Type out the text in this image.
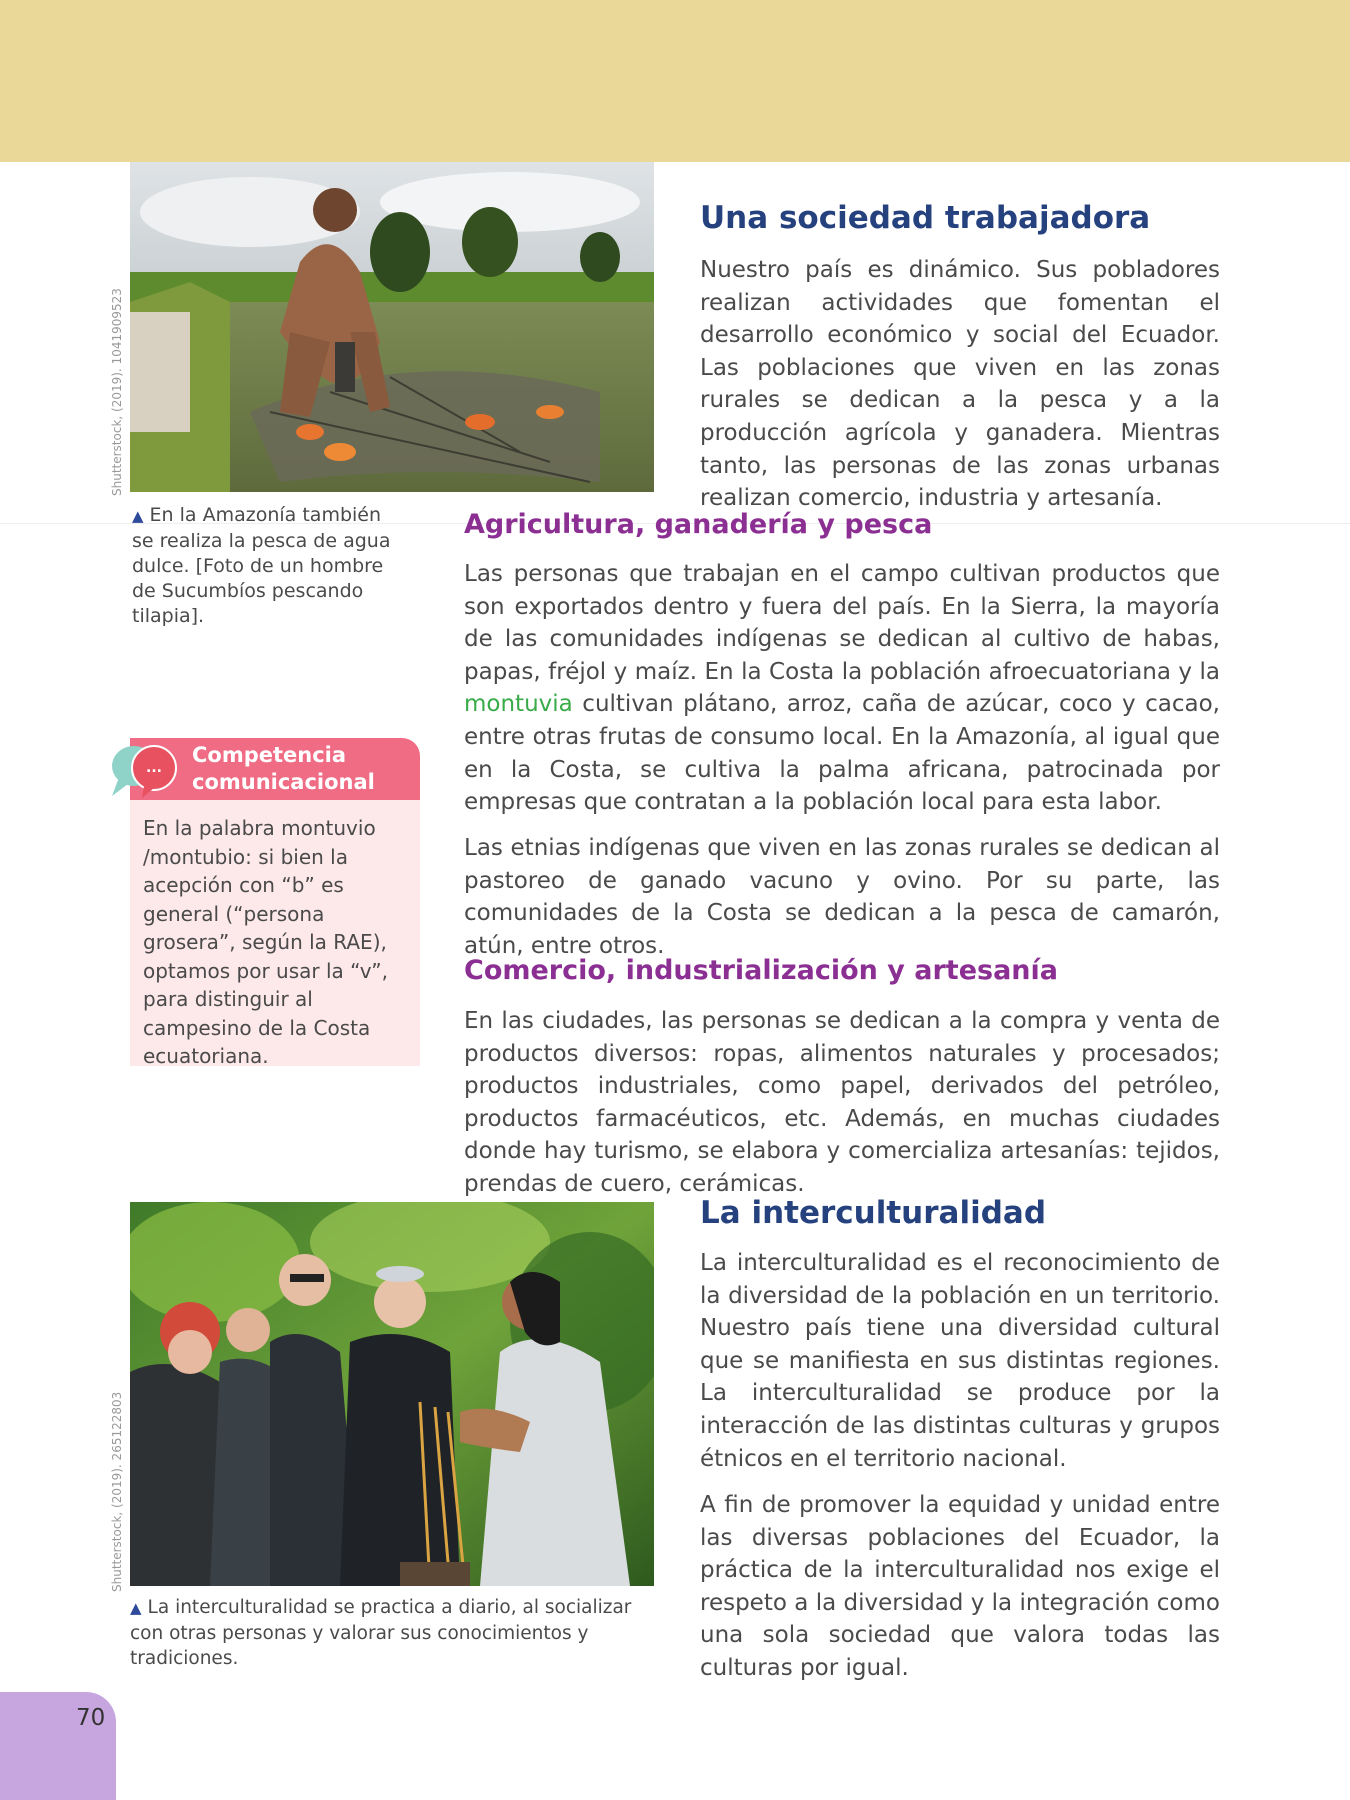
Shutterstock, (2019). 1041909523
▲ En la Amazonía también se realiza la pesca de agua dulce. [Foto de un hombre de Sucumbíos pescando tilapia].
Una sociedad trabajadora

Nuestro país es dinámico. Sus pobladores realizan actividades que fomentan el desarrollo económico y social del Ecuador. Las poblaciones que viven en las zonas rurales se dedican a la pesca y a la producción agrícola y ganadera. Mientras tanto, las personas de las zonas urbanas realizan comercio, industria y artesanía.

Agricultura, ganadería y pesca

Las personas que trabajan en el campo cultivan productos que son exportados dentro y fuera del país. En la Sierra, la mayoría de las comunidades indígenas se dedican al cultivo de habas, papas, fréjol y maíz. En la Costa la población afroecuatoriana y la montuvia cultivan plátano, arroz, caña de azúcar, coco y cacao, entre otras frutas de consumo local. En la Amazonía, al igual que en la Costa, se cultiva la palma africana, patrocinada por empresas que contratan a la población local para esta labor.

Las etnias indígenas que viven en las zonas rurales se dedican al pastoreo de ganado vacuno y ovino. Por su parte, las comunidades de la Costa se dedican a la pesca de camarón, atún, entre otros.

Comercio, industrialización y artesanía

En las ciudades, las personas se dedican a la compra y venta de productos diversos: ropas, alimentos naturales y procesados; productos industriales, como papel, derivados del petróleo, productos farmacéuticos, etc. Además, en muchas ciudades donde hay turismo, se elabora y comercializa artesanías: tejidos, prendas de cuero, cerámicas.

Competencia comunicacional
En la palabra montuvio /montubio: si bien la acepción con “b” es general (“persona grosera”, según la RAE), optamos por usar la “v”, para distinguir al campesino de la Costa ecuatoriana.
...
Shutterstock, (2019). 265122803
▲ La interculturalidad se practica a diario, al socializar con otras personas y valorar sus conocimientos y tradiciones.
La interculturalidad

La interculturalidad es el reconocimiento de la diversidad de la población en un territorio. Nuestro país tiene una diversidad cultural que se manifiesta en sus distintas regiones. La interculturalidad se produce por la interacción de las distintas culturas y grupos étnicos en el territorio nacional.

A fin de promover la equidad y unidad entre las diversas poblaciones del Ecuador, la práctica de la interculturalidad nos exige el respeto a la diversidad y la integración como una sola sociedad que valora todas las culturas por igual.

70
